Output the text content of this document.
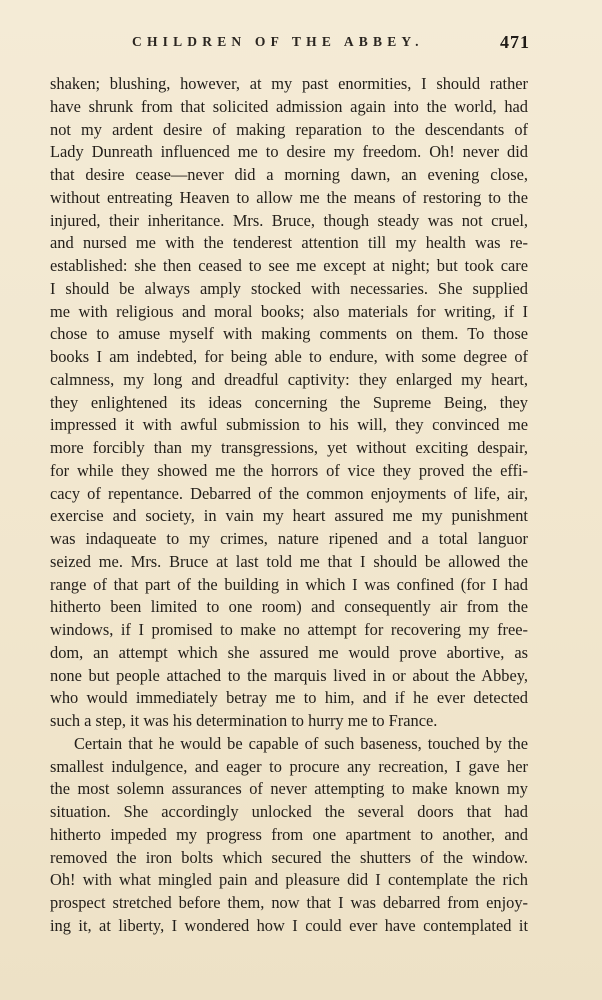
CHILDREN OF THE ABBEY.	471
shaken; blushing, however, at my past enormities, I should rather
have shrunk from that solicited admission again into the world, had
not my ardent desire of making reparation to the descendants of
Lady Dunreath influenced me to desire my freedom. Oh! never did
that desire cease—never did a morning dawn, an evening close,
without entreating Heaven to allow me the means of restoring to the
injured, their inheritance. Mrs. Bruce, though steady was not cruel,
and nursed me with the tenderest attention till my health was re-
established: she then ceased to see me except at night; but took care
I should be always amply stocked with necessaries. She supplied
me with religious and moral books; also materials for writing, if I
chose to amuse myself with making comments on them. To those
books I am indebted, for being able to endure, with some degree of
calmness, my long and dreadful captivity: they enlarged my heart,
they enlightened its ideas concerning the Supreme Being, they
impressed it with awful submission to his will, they convinced me
more forcibly than my transgressions, yet without exciting despair,
for while they showed me the horrors of vice they proved the effi-
cacy of repentance. Debarred of the common enjoyments of life, air,
exercise and society, in vain my heart assured me my punishment
was indaqueate to my crimes, nature ripened and a total languor
seized me. Mrs. Bruce at last told me that I should be allowed the
range of that part of the building in which I was confined (for I had
hitherto been limited to one room) and consequently air from the
windows, if I promised to make no attempt for recovering my free-
dom, an attempt which she assured me would prove abortive, as
none but people attached to the marquis lived in or about the Abbey,
who would immediately betray me to him, and if he ever detected
such a step, it was his determination to hurry me to France.
Certain that he would be capable of such baseness, touched by the
smallest indulgence, and eager to procure any recreation, I gave her
the most solemn assurances of never attempting to make known my
situation. She accordingly unlocked the several doors that had
hitherto impeded my progress from one apartment to another, and
removed the iron bolts which secured the shutters of the window.
Oh! with what mingled pain and pleasure did I contemplate the rich
prospect stretched before them, now that I was debarred from enjoy-
ing it, at liberty, I wondered how I could ever have contemplated it
